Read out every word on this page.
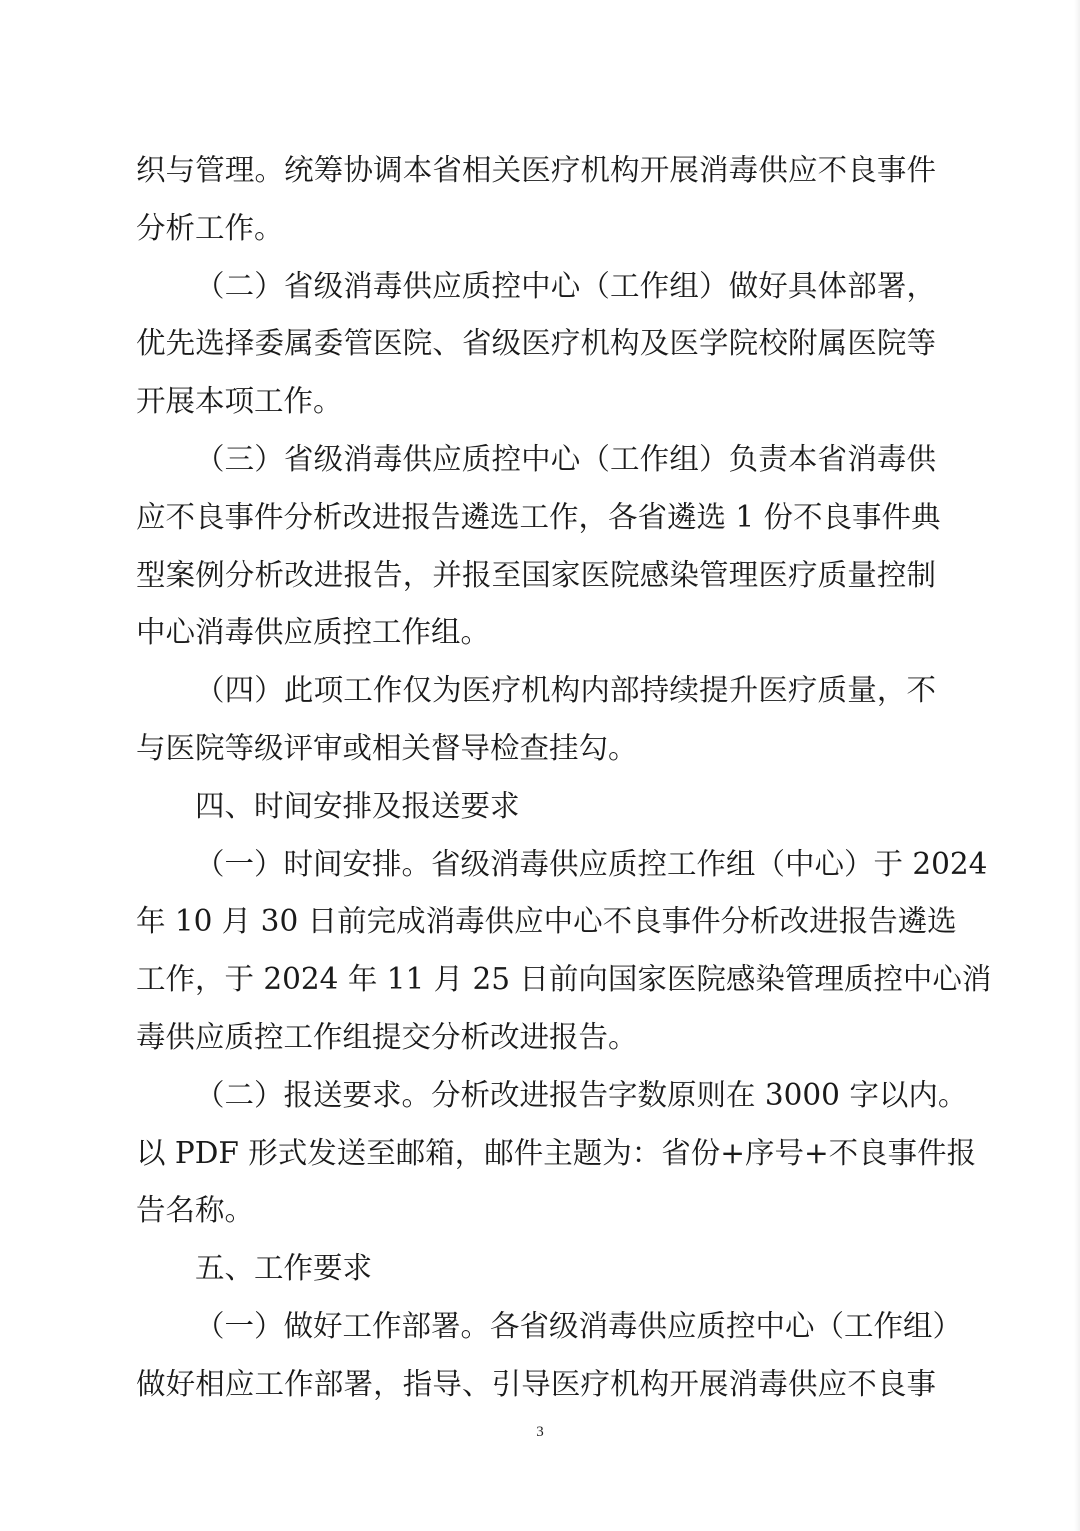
织与管理。统筹协调本省相关医疗机构开展消毒供应不良事件
分析工作。
（二）省级消毒供应质控中心（工作组）做好具体部署，
优先选择委属委管医院、省级医疗机构及医学院校附属医院等
开展本项工作。
（三）省级消毒供应质控中心（工作组）负责本省消毒供
应不良事件分析改进报告遴选工作，各省遴选 1 份不良事件典
型案例分析改进报告，并报至国家医院感染管理医疗质量控制
中心消毒供应质控工作组。
（四）此项工作仅为医疗机构内部持续提升医疗质量，不
与医院等级评审或相关督导检查挂勾。
四、时间安排及报送要求
（一）时间安排。省级消毒供应质控工作组（中心）于 2024
年 10 月 30 日前完成消毒供应中心不良事件分析改进报告遴选
工作，于 2024 年 11 月 25 日前向国家医院感染管理质控中心消
毒供应质控工作组提交分析改进报告。
（二）报送要求。分析改进报告字数原则在 3000 字以内。
以 PDF 形式发送至邮箱，邮件主题为：省份+序号+不良事件报
告名称。
五、工作要求
（一）做好工作部署。各省级消毒供应质控中心（工作组）
做好相应工作部署，指导、引导医疗机构开展消毒供应不良事
3
